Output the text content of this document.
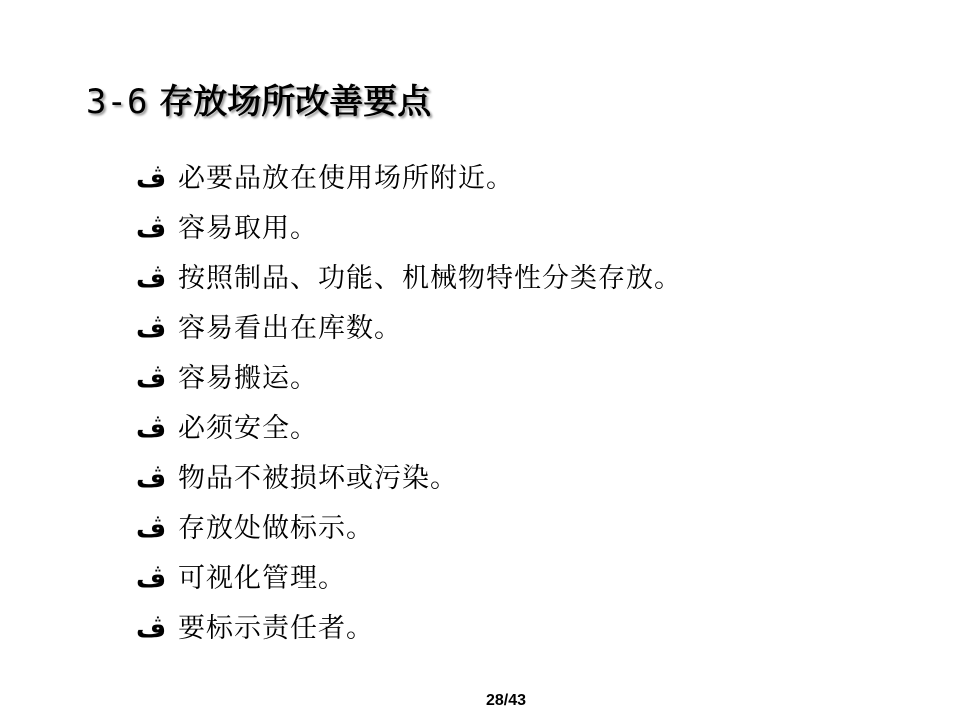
3-6 存放场所改善要点
ڤ 必要品放在使用场所附近。
ڤ 容易取用。
ڤ 按照制品、功能、机械物特性分类存放。
ڤ 容易看出在库数。
ڤ 容易搬运。
ڤ 必须安全。
ڤ 物品不被损坏或污染。
ڤ 存放处做标示。
ڤ 可视化管理。
ڤ 要标示责任者。
28/43
